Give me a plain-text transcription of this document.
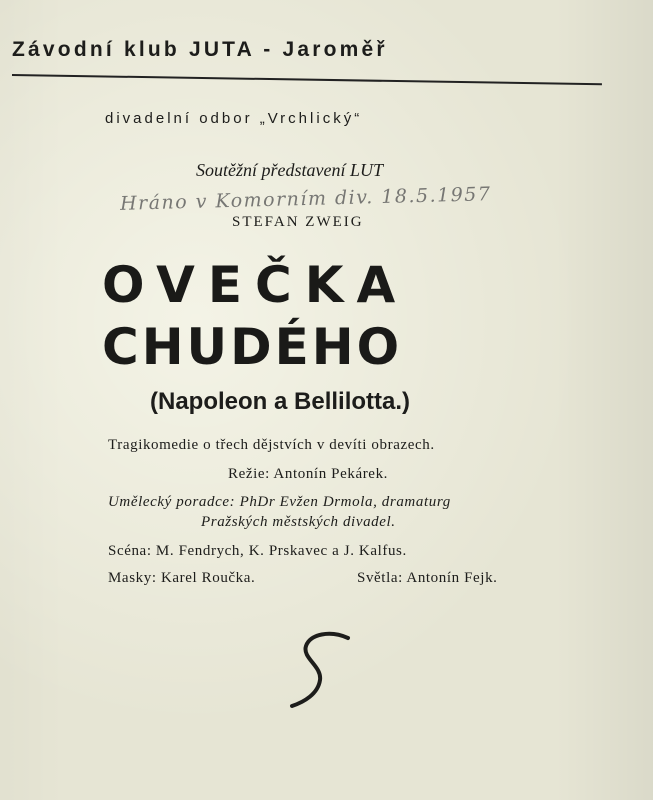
Závodní klub JUTA - Jaroměř
divadelní odbor „Vrchlický“
Soutěžní představení LUT
Hráno v Komorním div. 18.5.1957
STEFAN ZWEIG
OVEČKA
CHUDÉHO
(Napoleon a Bellilotta.)
Tragikomedie o třech dějstvích v devíti obrazech.
Režie: Antonín Pekárek.
Umělecký poradce: PhDr Evžen Drmola, dramaturg
Pražských městských divadel.
Scéna: M. Fendrych, K. Prskavec a J. Kalfus.
Masky: Karel Roučka.	Světla: Antonín Fejk.
